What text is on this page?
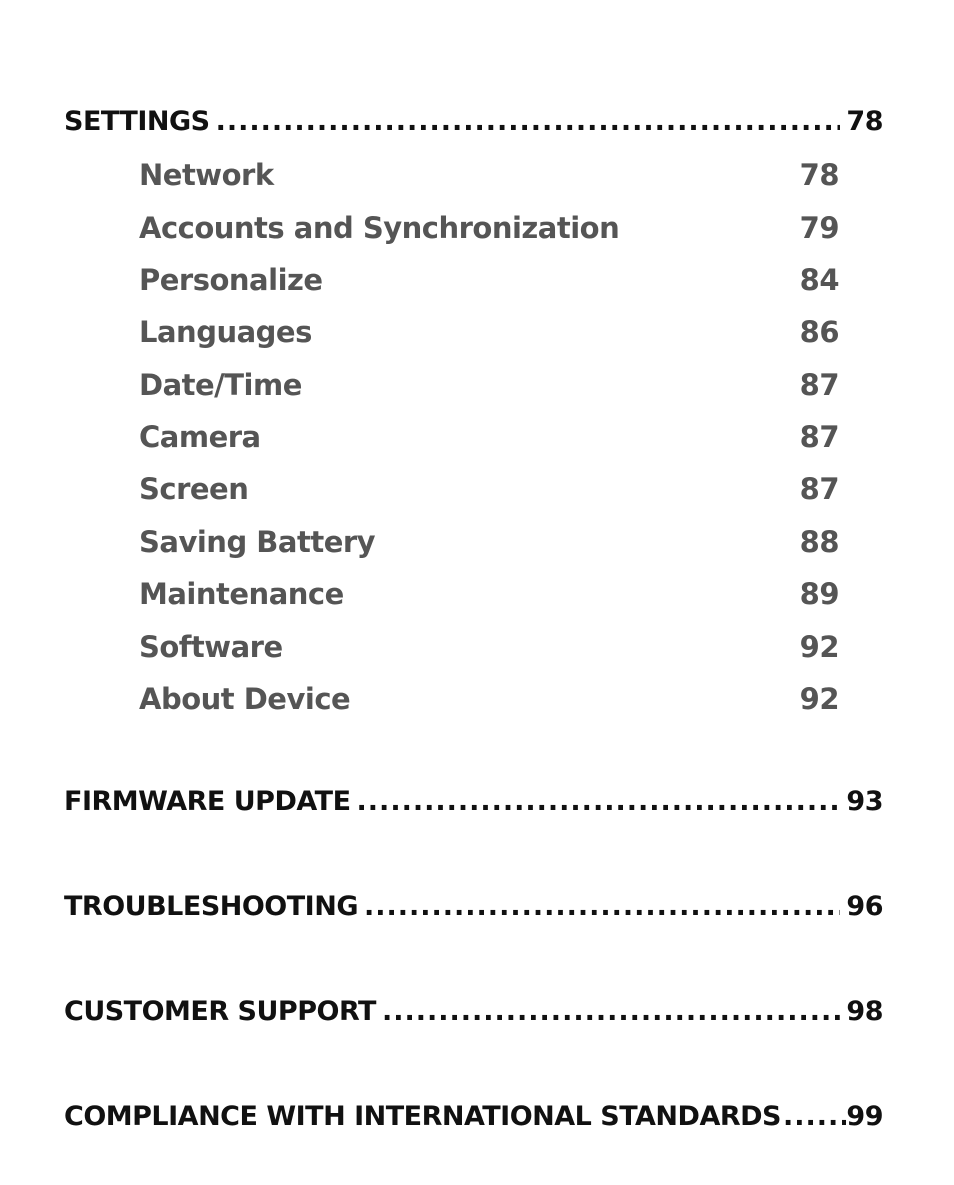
SETTINGS .....	78
Network	78
Accounts and Synchronization	79
Personalize	84
Languages	86
Date/Time	87
Camera	87
Screen	87
Saving Battery	88
Maintenance	89
Software	92
About Device	92
FIRMWARE UPDATE .....	93
TROUBLESHOOTING .....	96
CUSTOMER SUPPORT .....	98
COMPLIANCE WITH INTERNATIONAL STANDARDS ..... 99
